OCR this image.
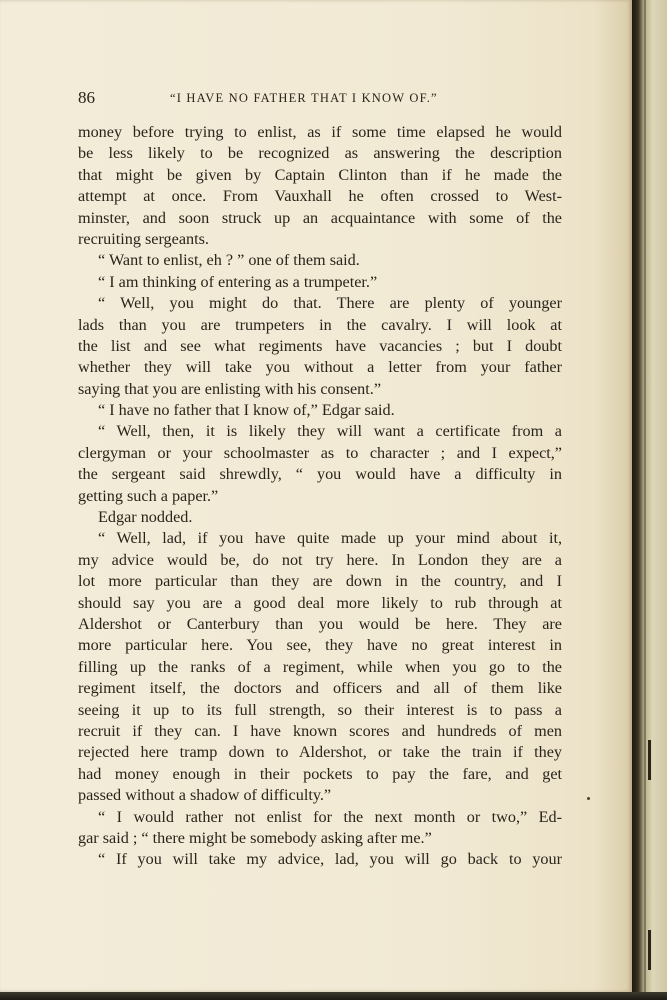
86	“I HAVE NO FATHER THAT I KNOW OF.”
money before trying to enlist, as if some time elapsed he would
be less likely to be recognized as answering the description
that might be given by Captain Clinton than if he made the
attempt at once. From Vauxhall he often crossed to West-
minster, and soon struck up an acquaintance with some of the
recruiting sergeants.
“ Want to enlist, eh ? ” one of them said.
“ I am thinking of entering as a trumpeter.”
“ Well, you might do that. There are plenty of younger
lads than you are trumpeters in the cavalry. I will look at
the list and see what regiments have vacancies ; but I doubt
whether they will take you without a letter from your father
saying that you are enlisting with his consent.”
“ I have no father that I know of,” Edgar said.
“ Well, then, it is likely they will want a certificate from a
clergyman or your schoolmaster as to character ; and I expect,”
the sergeant said shrewdly, “ you would have a difficulty in
getting such a paper.”
Edgar nodded.
“ Well, lad, if you have quite made up your mind about it,
my advice would be, do not try here. In London they are a
lot more particular than they are down in the country, and I
should say you are a good deal more likely to rub through at
Aldershot or Canterbury than you would be here. They are
more particular here. You see, they have no great interest in
filling up the ranks of a regiment, while when you go to the
regiment itself, the doctors and officers and all of them like
seeing it up to its full strength, so their interest is to pass a
recruit if they can. I have known scores and hundreds of men
rejected here tramp down to Aldershot, or take the train if they
had money enough in their pockets to pay the fare, and get
passed without a shadow of difficulty.”
“ I would rather not enlist for the next month or two,” Ed-
gar said ; “ there might be somebody asking after me.”
“ If you will take my advice, lad, you will go back to your
